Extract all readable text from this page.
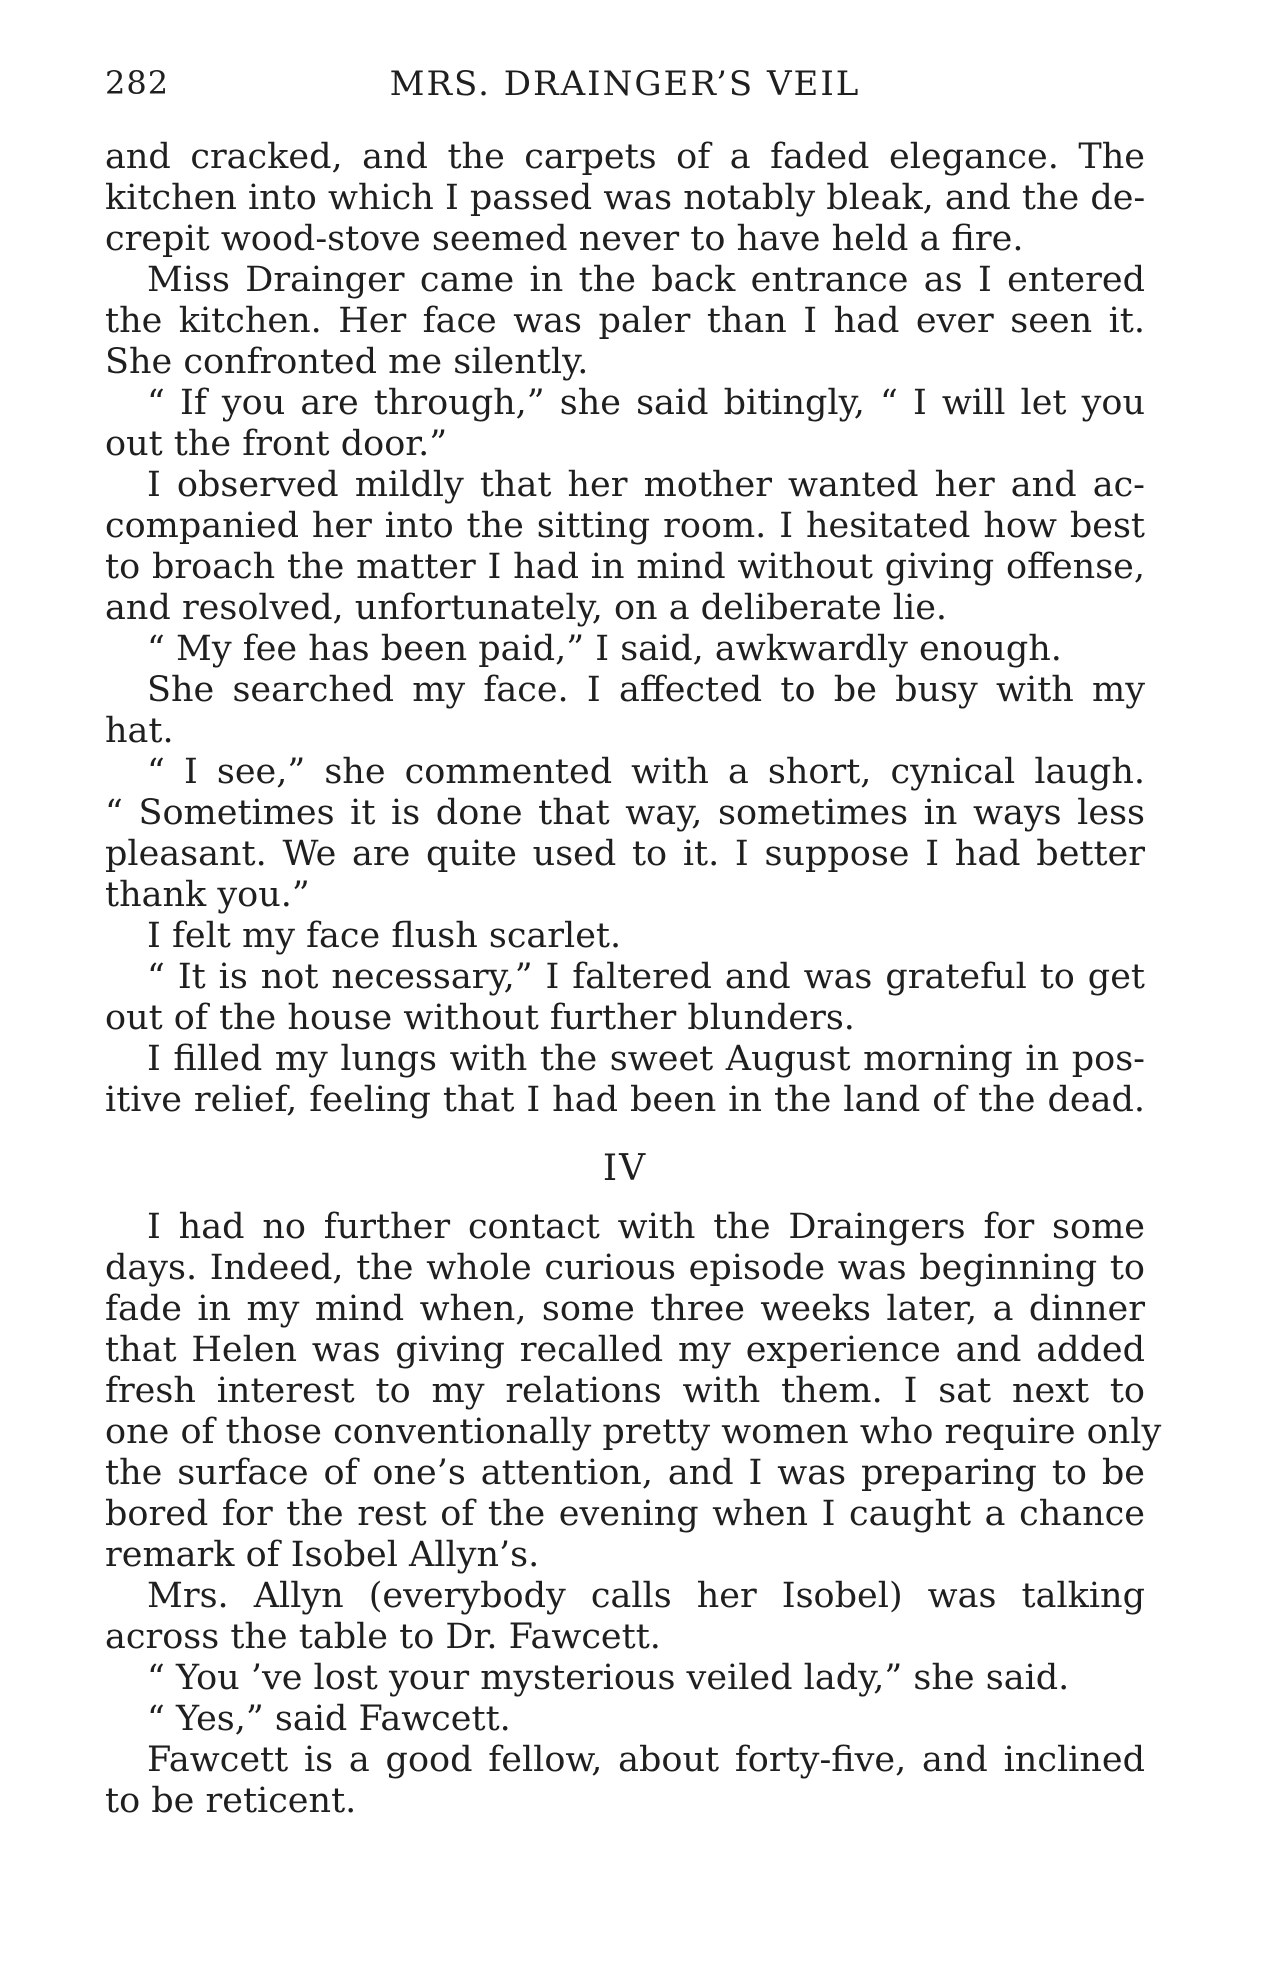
282	MRS. DRAINGER’S VEIL
and cracked, and the carpets of a faded elegance. The
kitchen into which I passed was notably bleak, and the de-
crepit wood-stove seemed never to have held a fire.
Miss Drainger came in the back entrance as I entered
the kitchen. Her face was paler than I had ever seen it.
She confronted me silently.
“ If you are through,” she said bitingly, “ I will let you
out the front door.”
I observed mildly that her mother wanted her and ac-
companied her into the sitting room. I hesitated how best
to broach the matter I had in mind without giving offense,
and resolved, unfortunately, on a deliberate lie.
“ My fee has been paid,” I said, awkwardly enough.
She searched my face. I affected to be busy with my
hat.
“ I see,” she commented with a short, cynical laugh.
“ Sometimes it is done that way, sometimes in ways less
pleasant. We are quite used to it. I suppose I had better
thank you.”
I felt my face flush scarlet.
“ It is not necessary,” I faltered and was grateful to get
out of the house without further blunders.
I filled my lungs with the sweet August morning in pos-
itive relief, feeling that I had been in the land of the dead.
IV
I had no further contact with the Draingers for some
days. Indeed, the whole curious episode was beginning to
fade in my mind when, some three weeks later, a dinner
that Helen was giving recalled my experience and added
fresh interest to my relations with them. I sat next to
one of those conventionally pretty women who require only
the surface of one’s attention, and I was preparing to be
bored for the rest of the evening when I caught a chance
remark of Isobel Allyn’s.
Mrs. Allyn (everybody calls her Isobel) was talking
across the table to Dr. Fawcett.
“ You ’ve lost your mysterious veiled lady,” she said.
“ Yes,” said Fawcett.
Fawcett is a good fellow, about forty-five, and inclined
to be reticent.
